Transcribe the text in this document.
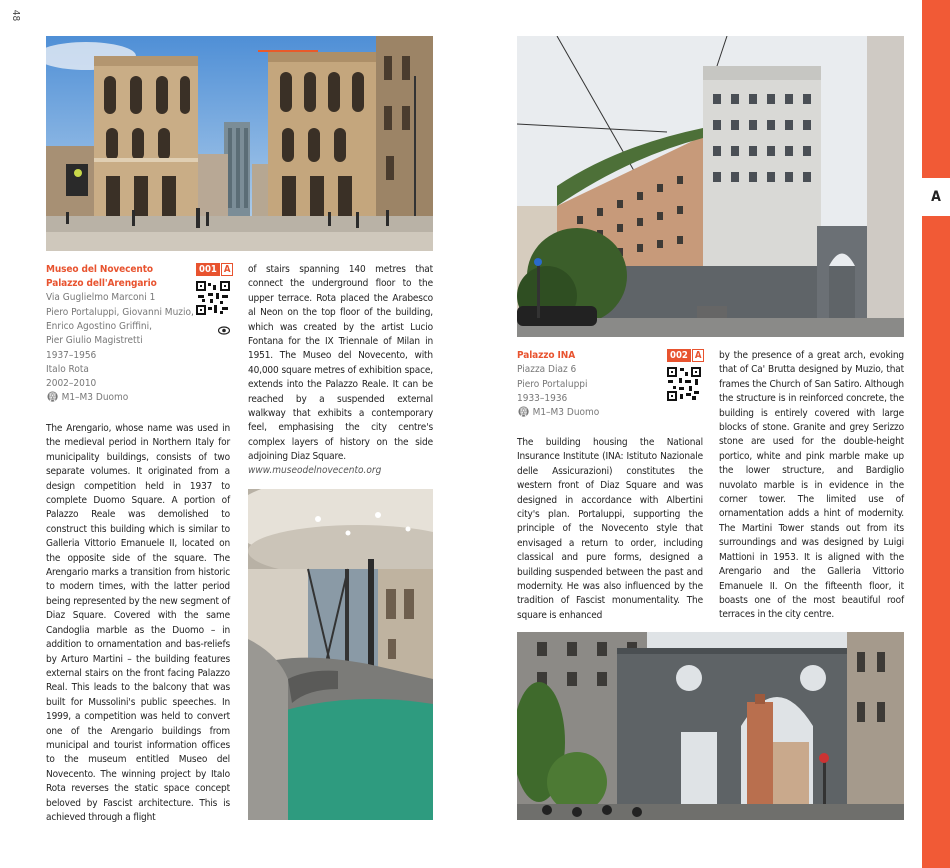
48
A
Museo del Novecento
Palazzo dell'Arengario
Via Guglielmo Marconi 1
Piero Portaluppi, Giovanni Muzio,
Enrico Agostino Griffini,
Pier Giulio Magistretti
1937–1956
Italo Rota
2002–2010
🚇︎ M1–M3 Duomo
001 A
The Arengario, whose name was used in the medieval period in Northern Italy for municipality buildings, consists of two separate volumes. It originated from a design competition held in 1937 to complete Duomo Square. A portion of Palazzo Reale was demolished to construct this building which is similar to Galleria Vittorio Emanuele II, located on the opposite side of the square. The Arengario marks a transition from historic to modern times, with the latter period being represented by the new segment of Diaz Square. Covered with the same Candoglia marble as the Duomo – in addition to ornamentation and bas-reliefs by Arturo Martini – the building features external stairs on the front facing Palazzo Real. This leads to the balcony that was built for Mussolini's public speeches. In 1999, a competition was held to convert one of the Arengario buildings from municipal and tourist information offices to the museum entitled Museo del Novecento. The winning project by Italo Rota reverses the static space concept beloved by Fascist architecture. This is achieved through a flight
of stairs spanning 140 metres that connect the underground floor to the upper terrace. Rota placed the Arabesco al Neon on the top floor of the building, which was created by the artist Lucio Fontana for the IX Triennale of Milan in 1951. The Museo del Novecento, with 40,000 square metres of exhibition space, extends into the Palazzo Reale. It can be reached by a suspended external walkway that exhibits a contemporary feel, emphasising the city centre's complex layers of history on the side adjoining Diaz Square.
www.museodelnovecento.org
Palazzo INA
Piazza Diaz 6
Piero Portaluppi
1933–1936
🚇︎ M1–M3 Duomo
002 A
The building housing the National Insurance Institute (INA: Istituto Nazionale delle Assicurazioni) constitutes the western front of Diaz Square and was designed in accordance with Albertini city's plan. Portaluppi, supporting the principle of the Novecento style that envisaged a return to order, including classical and pure forms, designed a building suspended between the past and modernity. He was also influenced by the tradition of Fascist monumentality. The square is enhanced
by the presence of a great arch, evoking that of Ca' Brutta designed by Muzio, that frames the Church of San Satiro. Although the structure is in reinforced concrete, the building is entirely covered with large blocks of stone. Granite and grey Serizzo stone are used for the double-height portico, white and pink marble make up the lower structure, and Bardiglio nuvolato marble is in evidence in the corner tower. The limited use of ornamentation adds a hint of modernity. The Martini Tower stands out from its surroundings and was designed by Luigi Mattioni in 1953. It is aligned with the Arengario and the Galleria Vittorio Emanuele II. On the fifteenth floor, it boasts one of the most beautiful roof terraces in the city centre.
